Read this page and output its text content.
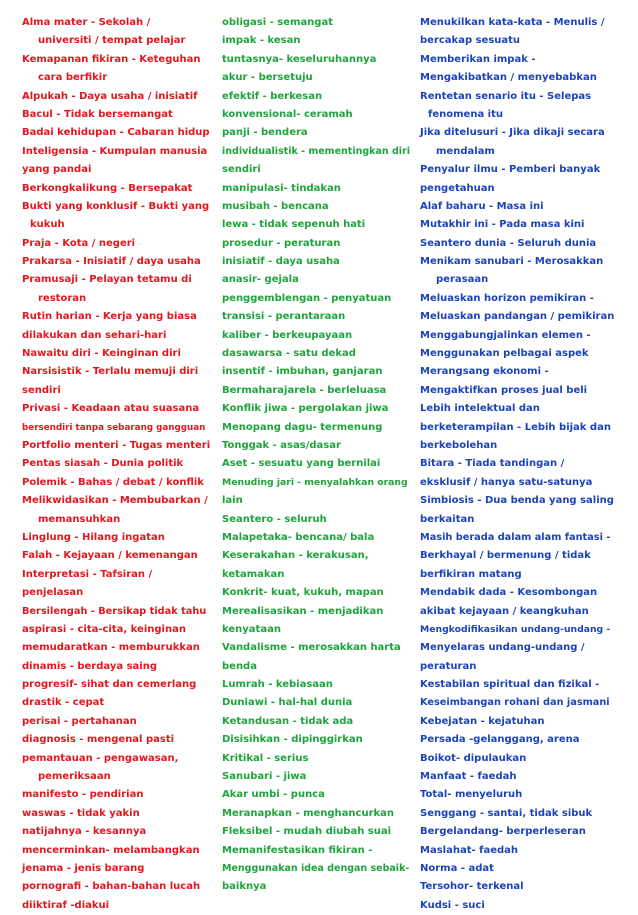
Alma mater - Sekolah /
universiti / tempat pelajar
Kemapanan fikiran - Keteguhan
cara berfikir
Alpukah - Daya usaha / inisiatif
Bacul - Tidak bersemangat
Badai kehidupan - Cabaran hidup
Inteligensia - Kumpulan manusia
yang pandai
Berkongkalikung - Bersepakat
Bukti yang konklusif - Bukti yang
kukuh
Praja - Kota / negeri
Prakarsa - Inisiatif / daya usaha
Pramusaji - Pelayan tetamu di
restoran
Rutin harian - Kerja yang biasa
dilakukan dan sehari-hari
Nawaitu diri - Keinginan diri
Narsisistik - Terlalu memuji diri
sendiri
Privasi - Keadaan atau suasana
bersendiri tanpa sebarang gangguan
Portfolio menteri - Tugas menteri
Pentas siasah - Dunia politik
Polemik - Bahas / debat / konflik
Melikwidasikan - Membubarkan /
memansuhkan
Linglung - Hilang ingatan
Falah - Kejayaan / kemenangan
Interpretasi - Tafsiran /
penjelasan
Bersilengah - Bersikap tidak tahu
aspirasi - cita-cita, keinginan
memudaratkan - memburukkan
dinamis - berdaya saing
progresif- sihat dan cemerlang
drastik - cepat
perisai - pertahanan
diagnosis - mengenal pasti
pemantauan - pengawasan,
pemeriksaan
manifesto - pendirian
waswas - tidak yakin
natijahnya - kesannya
mencerminkan- melambangkan
jenama - jenis barang
pornografi - bahan-bahan lucah
diiktiraf -diakui
obligasi - semangat
impak - kesan
tuntasnya- keseluruhannya
akur - bersetuju
efektif - berkesan
konvensional- ceramah
panji - bendera
individualistik - mementingkan diri
sendiri
manipulasi- tindakan
musibah - bencana
lewa - tidak sepenuh hati
prosedur - peraturan
inisiatif - daya usaha
anasir- gejala
penggemblengan - penyatuan
transisi - perantaraan
kaliber - berkeupayaan
dasawarsa - satu dekad
insentif - imbuhan, ganjaran
Bermaharajarela - berleluasa
Konflik jiwa - pergolakan jiwa
Menopang dagu- termenung
Tonggak - asas/dasar
Aset - sesuatu yang bernilai
Menuding jari - menyalahkan orang
lain
Seantero - seluruh
Malapetaka- bencana/ bala
Keserakahan - kerakusan,
ketamakan
Konkrit- kuat, kukuh, mapan
Merealisasikan - menjadikan
kenyataan
Vandalisme - merosakkan harta
benda
Lumrah - kebiasaan
Duniawi - hal-hal dunia
Ketandusan - tidak ada
Disisihkan - dipinggirkan
Kritikal - serius
Sanubari - jiwa
Akar umbi - punca
Meranapkan - menghancurkan
Fleksibel - mudah diubah suai
Memanifestasikan fikiran -
Menggunakan idea dengan sebaik-
baiknya
Menukilkan kata-kata - Menulis /
bercakap sesuatu
Memberikan impak -
Mengakibatkan / menyebabkan
Rentetan senario itu - Selepas
fenomena itu
Jika ditelusuri - Jika dikaji secara
mendalam
Penyalur ilmu - Pemberi banyak
pengetahuan
Alaf baharu - Masa ini
Mutakhir ini - Pada masa kini
Seantero dunia - Seluruh dunia
Menikam sanubari - Merosakkan
perasaan
Meluaskan horizon pemikiran -
Meluaskan pandangan / pemikiran
Menggabungjalinkan elemen -
Menggunakan pelbagai aspek
Merangsang ekonomi -
Mengaktifkan proses jual beli
Lebih intelektual dan
berketerampilan - Lebih bijak dan
berkebolehan
Bitara - Tiada tandingan /
eksklusif / hanya satu-satunya
Simbiosis - Dua benda yang saling
berkaitan
Masih berada dalam alam fantasi -
Berkhayal / bermenung / tidak
berfikiran matang
Mendabik dada - Kesombongan
akibat kejayaan / keangkuhan
Mengkodifikasikan undang-undang -
Menyelaras undang-undang /
peraturan
Kestabilan spiritual dan fizikal -
Keseimbangan rohani dan jasmani
Kebejatan - kejatuhan
Persada -gelanggang, arena
Boikot- dipulaukan
Manfaat - faedah
Total- menyeluruh
Senggang - santai, tidak sibuk
Bergelandang- berperleseran
Maslahat- faedah
Norma - adat
Tersohor- terkenal
Kudsi - suci
